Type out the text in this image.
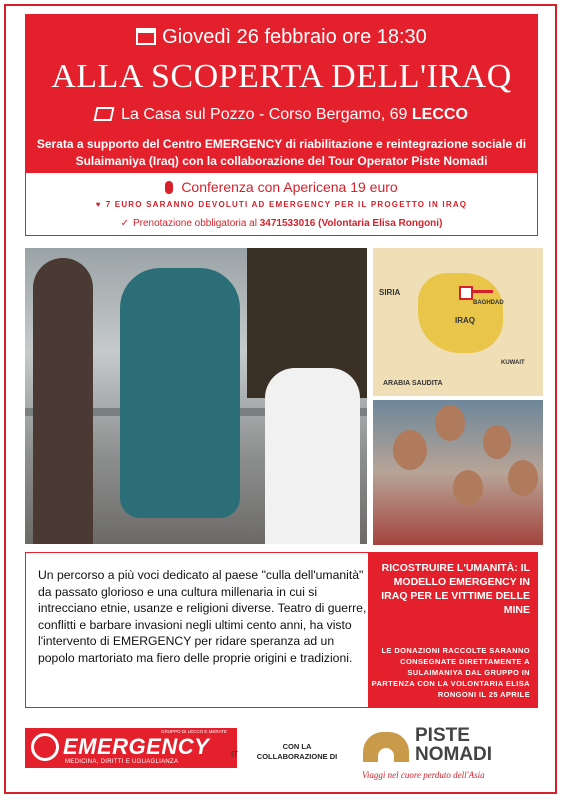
Giovedì 26 febbraio ore 18:30
ALLA SCOPERTA DELL'IRAQ
La Casa sul Pozzo - Corso Bergamo, 69 LECCO
Serata a supporto del Centro EMERGENCY di riabilitazione e reintegrazione sociale di Sulaimaniya (Iraq) con la collaborazione del Tour Operator Piste Nomadi
Conferenza con Apericena 19 euro
♥ 7 EURO SARANNO DEVOLUTI AD EMERGENCY PER IL PROGETTO IN IRAQ
✓ Prenotazione obbligatoria al 3471533016 (Volontaria Elisa Rongoni)
SIRIA
IRAQ
BAGHDAD
ARABIA SAUDITA
KUWAIT
Un percorso a più voci dedicato al paese "culla dell'umanità" da passato glorioso e una cultura millenaria in cui si intrecciano etnie, usanze e religioni diverse. Teatro di guerre, conflitti e barbare invasioni negli ultimi cento anni, ha visto l'intervento di EMERGENCY per ridare speranza ad un popolo martoriato ma fiero delle proprie origini e tradizioni.
RICOSTRUIRE L'UMANITÀ: IL MODELLO EMERGENCY IN IRAQ PER LE VITTIME DELLE MINE
LE DONAZIONI RACCOLTE SARANNO CONSEGNATE DIRETTAMENTE A SULAIMANIYA DAL GRUPPO IN PARTENZA CON LA VOLONTARIA ELISA RONGONI IL 25 APRILE
EMERGENCY
MEDICINA, DIRITTI E UGUAGLIANZA
GRUPPO DI LECCO E MERATE
IT
CON LA COLLABORAZIONE DI
PISTE
NOMADI
Viaggi nel cuore perduto dell'Asia
